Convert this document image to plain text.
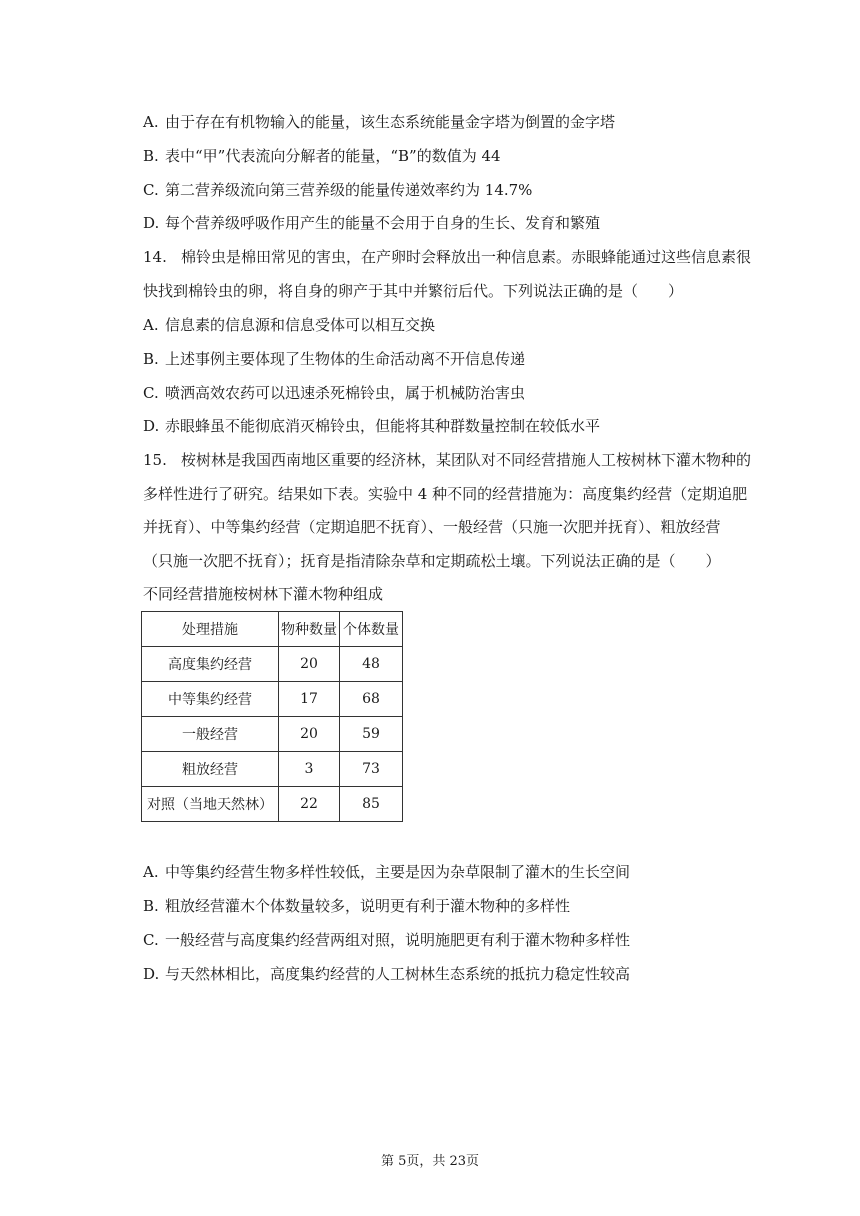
A. 由于存在有机物输入的能量，该生态系统能量金字塔为倒置的金字塔
B. 表中“甲”代表流向分解者的能量，“B”的数值为 44
C. 第二营养级流向第三营养级的能量传递效率约为 14.7%
D. 每个营养级呼吸作用产生的能量不会用于自身的生长、发育和繁殖
14. 棉铃虫是棉田常见的害虫，在产卵时会释放出一种信息素。赤眼蜂能通过这些信息素很
快找到棉铃虫的卵，将自身的卵产于其中并繁衍后代。下列说法正确的是（　　）
A. 信息素的信息源和信息受体可以相互交换
B. 上述事例主要体现了生物体的生命活动离不开信息传递
C. 喷洒高效农药可以迅速杀死棉铃虫，属于机械防治害虫
D. 赤眼蜂虽不能彻底消灭棉铃虫，但能将其种群数量控制在较低水平
15. 桉树林是我国西南地区重要的经济林，某团队对不同经营措施人工桉树林下灌木物种的
多样性进行了研究。结果如下表。实验中 4 种不同的经营措施为：高度集约经营（定期追肥
并抚育）、中等集约经营（定期追肥不抚育）、一般经营（只施一次肥并抚育）、粗放经营
（只施一次肥不抚育）；抚育是指清除杂草和定期疏松土壤。下列说法正确的是（　　）
不同经营措施桉树林下灌木物种组成
处理措施	物种数量	个体数量
高度集约经营	20	48
中等集约经营	17	68
一般经营	20	59
粗放经营	3	73
对照（当地天然林）	22	85
A. 中等集约经营生物多样性较低，主要是因为杂草限制了灌木的生长空间
B. 粗放经营灌木个体数量较多，说明更有利于灌木物种的多样性
C. 一般经营与高度集约经营两组对照，说明施肥更有利于灌木物种多样性
D. 与天然林相比，高度集约经营的人工树林生态系统的抵抗力稳定性较高
第 5页，共 23页
